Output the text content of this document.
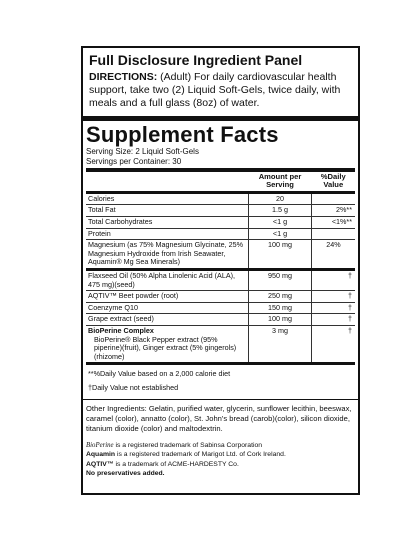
Full Disclosure Ingredient Panel
DIRECTIONS: (Adult) For daily cardiovascular health support, take two (2) Liquid Soft-Gels, twice daily, with meals and a full glass (8oz) of water.
Supplement Facts
Serving Size: 2 Liquid Soft-Gels
Servings per Container: 30
	Amount per Serving	%Daily Value
Calories	20	
Total Fat	1.5 g	2%**
Total Carbohydrates	<1 g	<1%**
Protein	<1 g	
Magnesium (as 75% Magnesium Glycinate, 25% Magnesium Hydroxide from Irish Seawater, Aquamin® Mg Sea Minerals)	100 mg	24%
Flaxseed Oil (50% Alpha Linolenic Acid (ALA), 475 mg)(seed)	950 mg	†
AQTIV™ Beet powder (root)	250 mg	†
Coenzyme Q10	150 mg	†
Grape extract (seed)	100 mg	†

BioPerine Complex
BioPerine® Black Pepper extract (95% piperine)(fruit), Ginger extract (5% gingerols)(rhizome)	3 mg	†
**%Daily Value based on a 2,000 calorie diet
†Daily Value not established
Other Ingredients: Gelatin, purified water, glycerin, sunflower lecithin, beeswax, caramel (color), annatto (color), St. John's bread (carob)(color), silicon dioxide, titanium dioxide (color) and maltodextrin.
BioPerine is a registered trademark of Sabinsa Corporation
Aquamin is a registered trademark of Marigot Ltd. of Cork Ireland.
AQTIV™ is a trademark of ACME-HARDESTY Co.
No preservatives added.
